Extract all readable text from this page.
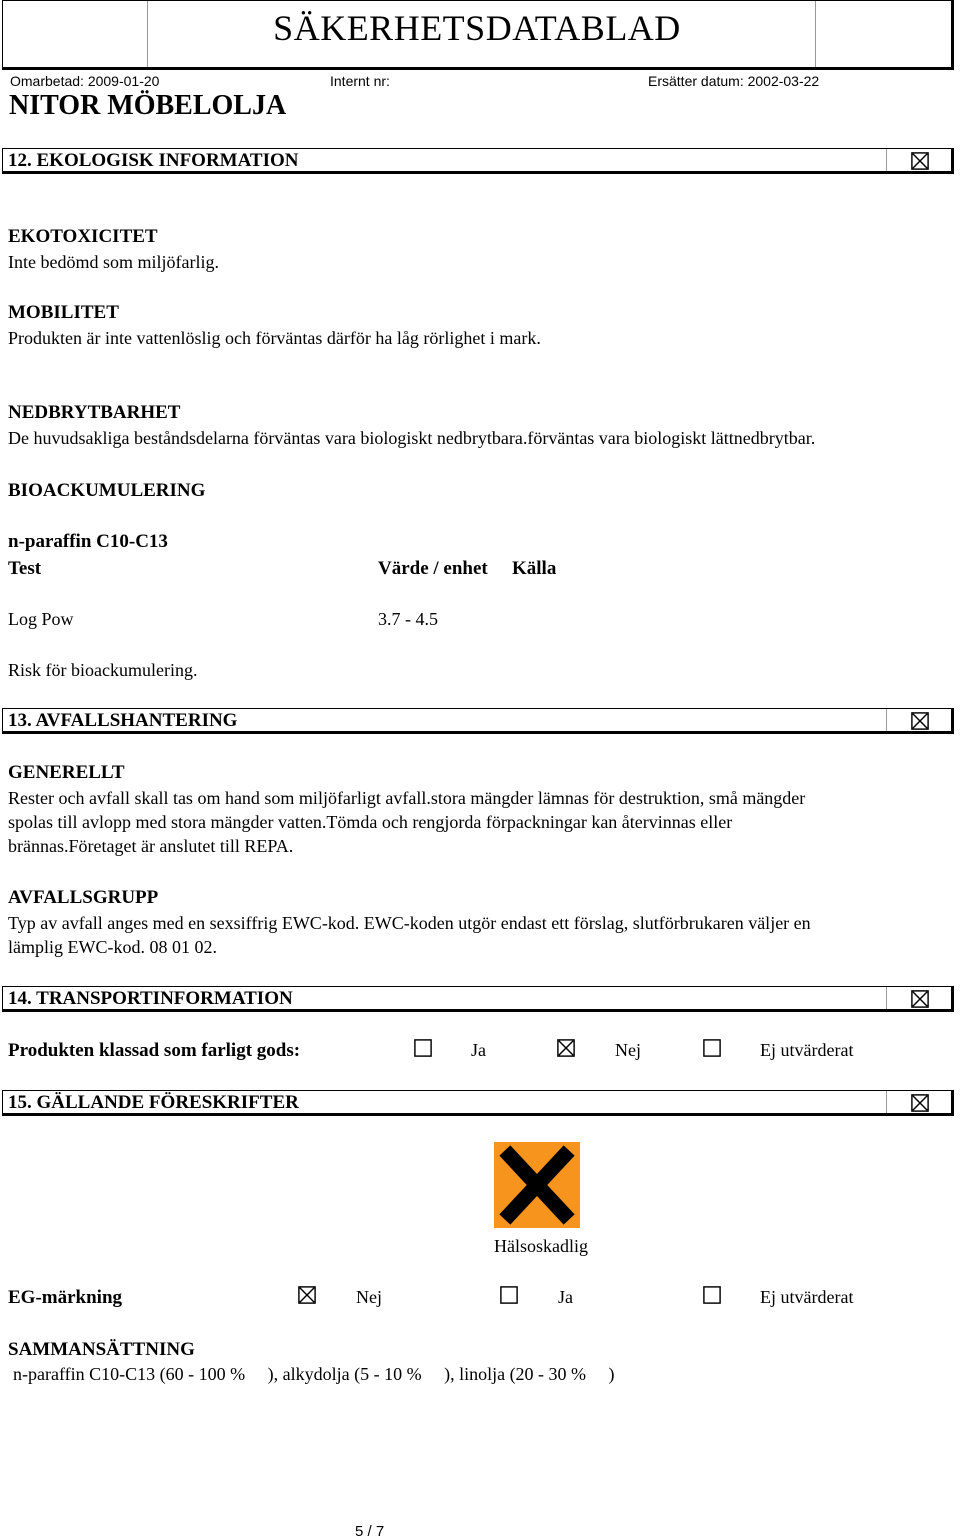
SÄKERHETSDATABLAD
Omarbetad: 2009-01-20	Internt nr:	Ersätter datum: 2002-03-22
NITOR MÖBELOLJA
12. EKOLOGISK INFORMATION
EKOTOXICITET
Inte bedömd som miljöfarlig.
MOBILITET
Produkten är inte vattenlöslig och förväntas därför ha låg rörlighet i mark.
NEDBRYTBARHET
De huvudsakliga beståndsdelarna förväntas vara biologiskt nedbrytbara.förväntas vara biologiskt lättnedbrytbar.
BIOACKUMULERING
n-paraffin C10-C13
Test	Värde / enhet Källa
Log Pow	3.7 - 4.5
Risk för bioackumulering.
13. AVFALLSHANTERING
GENERELLT
Rester och avfall skall tas om hand som miljöfarligt avfall.stora mängder lämnas för destruktion, små mängder
spolas till avlopp med stora mängder vatten.Tömda och rengjorda förpackningar kan återvinnas eller
brännas.Företaget är anslutet till REPA.
AVFALLSGRUPP
Typ av avfall anges med en sexsiffrig EWC-kod. EWC-koden utgör endast ett förslag, slutförbrukaren väljer en
lämplig EWC-kod. 08 01 02.
14. TRANSPORTINFORMATION
Produkten klassad som farligt gods:	Ja	Nej	Ej utvärderat
15. GÄLLANDE FÖRESKRIFTER
Hälsoskadlig
EG-märkning	Nej	Ja	Ej utvärderat
SAMMANSÄTTNING
n-paraffin C10-C13 (60 - 100 %     ), alkydolja (5 - 10 %     ), linolja (20 - 30 %     )
5 / 7
